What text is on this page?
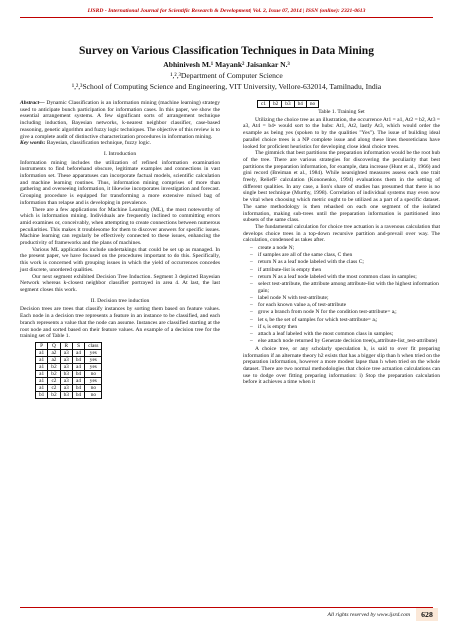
IJSRD - International Journal for Scientific Research & Development| Vol. 2, Issue 07, 2014 | ISSN (online): 2321-0613
Survey on Various Classification Techniques in Data Mining
Abhinivesh M.¹ Mayank² Jaisankar N.³
¹,²,³Department of Computer Science
¹,²,³School of Computing Science and Engineering, VIT University, Vellore-632014, Tamilnadu, India

Abstract— Dynamic Classification is an information mining (machine learning) strategy used to anticipate bunch participation for information cases. In this paper, we show the essential arrangement systems. A few significant sorts of arrangement technique including induction, Bayesian networks, k-nearest neighbor classifier, case-based reasoning, genetic algorithm and fuzzy logic techniques. The objective of this review is to give a complete audit of distinctive characterization procedures in information mining.

Key words: Bayesian, classification technique, fuzzy logic.

I. Introduction

Information mining includes the utilization of refined information examination instruments to find beforehand obscure, legitimate examples and connections in vast information set. These apparatuses can incorporate factual models, scientific calculation and machine learning routines. Thus, information mining comprises of more than gathering and overseeing information, it likewise incorporates investigation and forecast. Grouping procedure is equipped for transforming a more extensive mixed bag of information than relapse and is developing in prevalence.

There are a few applications for Machine Learning (ML), the most noteworthy of which is information mining. Individuals are frequently inclined to committing errors amid examines or, conceivably, when attempting to create connections between numerous peculiarities. This makes it troublesome for them to discover answers for specific issues. Machine learning can regularly be effectively connected to these issues, enhancing the productivity of frameworks and the plans of machines.

Various ML applications include undertakings that could be set up as managed. In the present paper, we have focused on the procedures important to do this. Specifically, this work is concerned with grouping issues in which the yield of occurrences concedes just discrete, unordered qualities.

Our next segment exhibited Decision Tree Induction. Segment 3 depicted Bayesian Network whereas k-closest neighbor classifier portrayed in area 4. At last, the last segment closes this work.

II. Decision tree induction

Decision trees are trees that classify instances by sorting them based on feature values. Each node in a decision tree represents a feature in an instance to be classified, and each branch represents a value that the node can assume. Instances are classified starting at the root node and sorted based on their feature values. An example of a decision tree for the training set of Table 1.

P	Q	R	S	class
a1	a2	a3	a4	yes
a1	a2	a3	b4	yes
a1	b2	a3	a4	yes
a1	b2	b3	b4	no
a1	c2	a3	a4	yes
a1	c2	a3	b4	no
b1	b2	b3	b4	no
c1	b2	b3	b4	no
Table 1. Training Set

Utilizing the choice tree as an illustration, the occurrence At1 = a1, At2 = b2, At3 = a3, At4 = b4• would sort to the hubs: At1, At2, lastly At3, which would order the example as being yes (spoken to by the qualities "Yes"). The issue of building ideal parallel choice trees is a NP complete issue and along these lines theoreticians have looked for proficient heuristics for developing close ideal choice trees.

The gimmick that best partitions the preparation information would be the root hub of the tree. There are various strategies for discovering the peculiarity that best partitions the preparation information, for example, data increase (Hunt et al., 1966) and gini record (Breiman et al., 1984). While nearsighted measures assess each one trait freely, ReliefF calculation (Kononenko, 1994) evaluations them in the setting of different qualities. In any case, a lion's share of studies has presumed that there is no single best technique (Murthy, 1998). Correlation of individual systems may even now be vital when choosing which metric ought to be utilized as a part of a specific dataset. The same methodology is then rehashed on each one segment of the isolated information, making sub-trees until the preparation information is partitioned into subsets of the same class.

The fundamental calculation for choice tree actuation is a ravenous calculation that develops choice trees in a top-down recursive partition and-prevail over way. The calculation, condensed as takes after.

– create a node N;
– if samples are all of the same class, C then
– return N as a leaf node labeled with the class C;
– if attribute-list is empty then
– return N as a leaf node labeled with the most common class in samples;
– select test-attribute, the attribute among attribute-list with the highest information gain;
– label node N with test-attribute;
– for each known value aᵢ of test-attribute
– grow a branch from node N for the condition test-attribute= aᵢ;
– let sᵢ be the set of samples for which test-attribute= aᵢ;
– if sᵢ is empty then
– attach a leaf labeled with the most common class in samples;
– else attach node returned by Generate decision tree(sᵢ,attribute-list_test-attribute)

A choice tree, or any scholarly speculation h, is said to over fit preparing information if an alternate theory h2 exists that has a bigger slip than h when tried on the preparation information, however a more modest lapse than h when tried on the whole dataset. There are two normal methodologies that choice tree actuation calculations can use to dodge over fitting preparing information: i) Stop the preparation calculation before it achieves a time when it

All rights reserved by www.ijsrd.com	628
